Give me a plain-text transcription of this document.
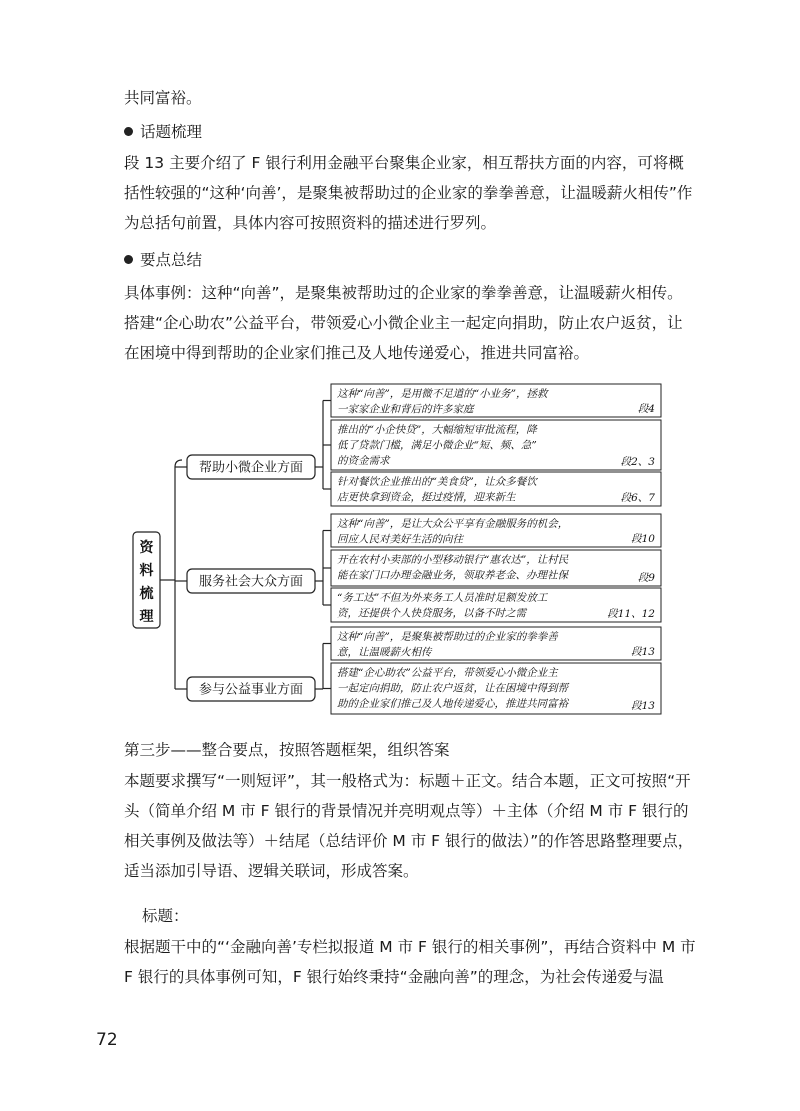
共同富裕。
话题梳理

段 13 主要介绍了 F 银行利用金融平台聚集企业家，相互帮扶方面的内容，可将概括性较强的“这种‘向善’，是聚集被帮助过的企业家的拳拳善意，让温暖薪火相传”作为总括句前置，具体内容可按照资料的描述进行罗列。

要点总结

具体事例：这种“向善”，是聚集被帮助过的企业家的拳拳善意，让温暖薪火相传。搭建“企心助农”公益平台，带领爱心小微企业主一起定向捐助，防止农户返贫，让在困境中得到帮助的企业家们推己及人地传递爱心，推进共同富裕。

资
料
梳
理
帮助小微企业方面
这种“向善”，是用微不足道的“小业务”，拯救
一家家企业和背后的许多家庭	段4
推出的“小企快贷”，大幅缩短审批流程，降
低了贷款门槛，满足小微企业“短、频、急”
的资金需求	段2、3
针对餐饮企业推出的“美食贷”，让众多餐饮
店更快拿到资金，挺过疫情，迎来新生	段6、7
服务社会大众方面
这种“向善”，是让大众公平享有金融服务的机会，
回应人民对美好生活的向往	段10
开在农村小卖部的小型移动银行“惠农达”，让村民
能在家门口办理金融业务，领取养老金、办理社保	段9
“务工达”不但为外来务工人员准时足额发放工
资，还提供个人快贷服务，以备不时之需	段11、12
参与公益事业方面
这种“向善”，是聚集被帮助过的企业家的拳拳善
意，让温暖薪火相传	段13
搭建“企心助农”公益平台，带领爱心小微企业主
一起定向捐助，防止农户返贫，让在困境中得到帮
助的企业家们推己及人地传递爱心，推进共同富裕	段13
第三步——整合要点，按照答题框架，组织答案

本题要求撰写“一则短评”，其一般格式为：标题＋正文。结合本题，正文可按照“开头（简单介绍 M 市 F 银行的背景情况并亮明观点等）＋主体（介绍 M 市 F 银行的相关事例及做法等）＋结尾（总结评价 M 市 F 银行的做法）”的作答思路整理要点，适当添加引导语、逻辑关联词，形成答案。

标题：

根据题干中的“‘金融向善’专栏拟报道 M 市 F 银行的相关事例”，再结合资料中 M 市 F 银行的具体事例可知，F 银行始终秉持“金融向善”的理念，为社会传递爱与温

72
